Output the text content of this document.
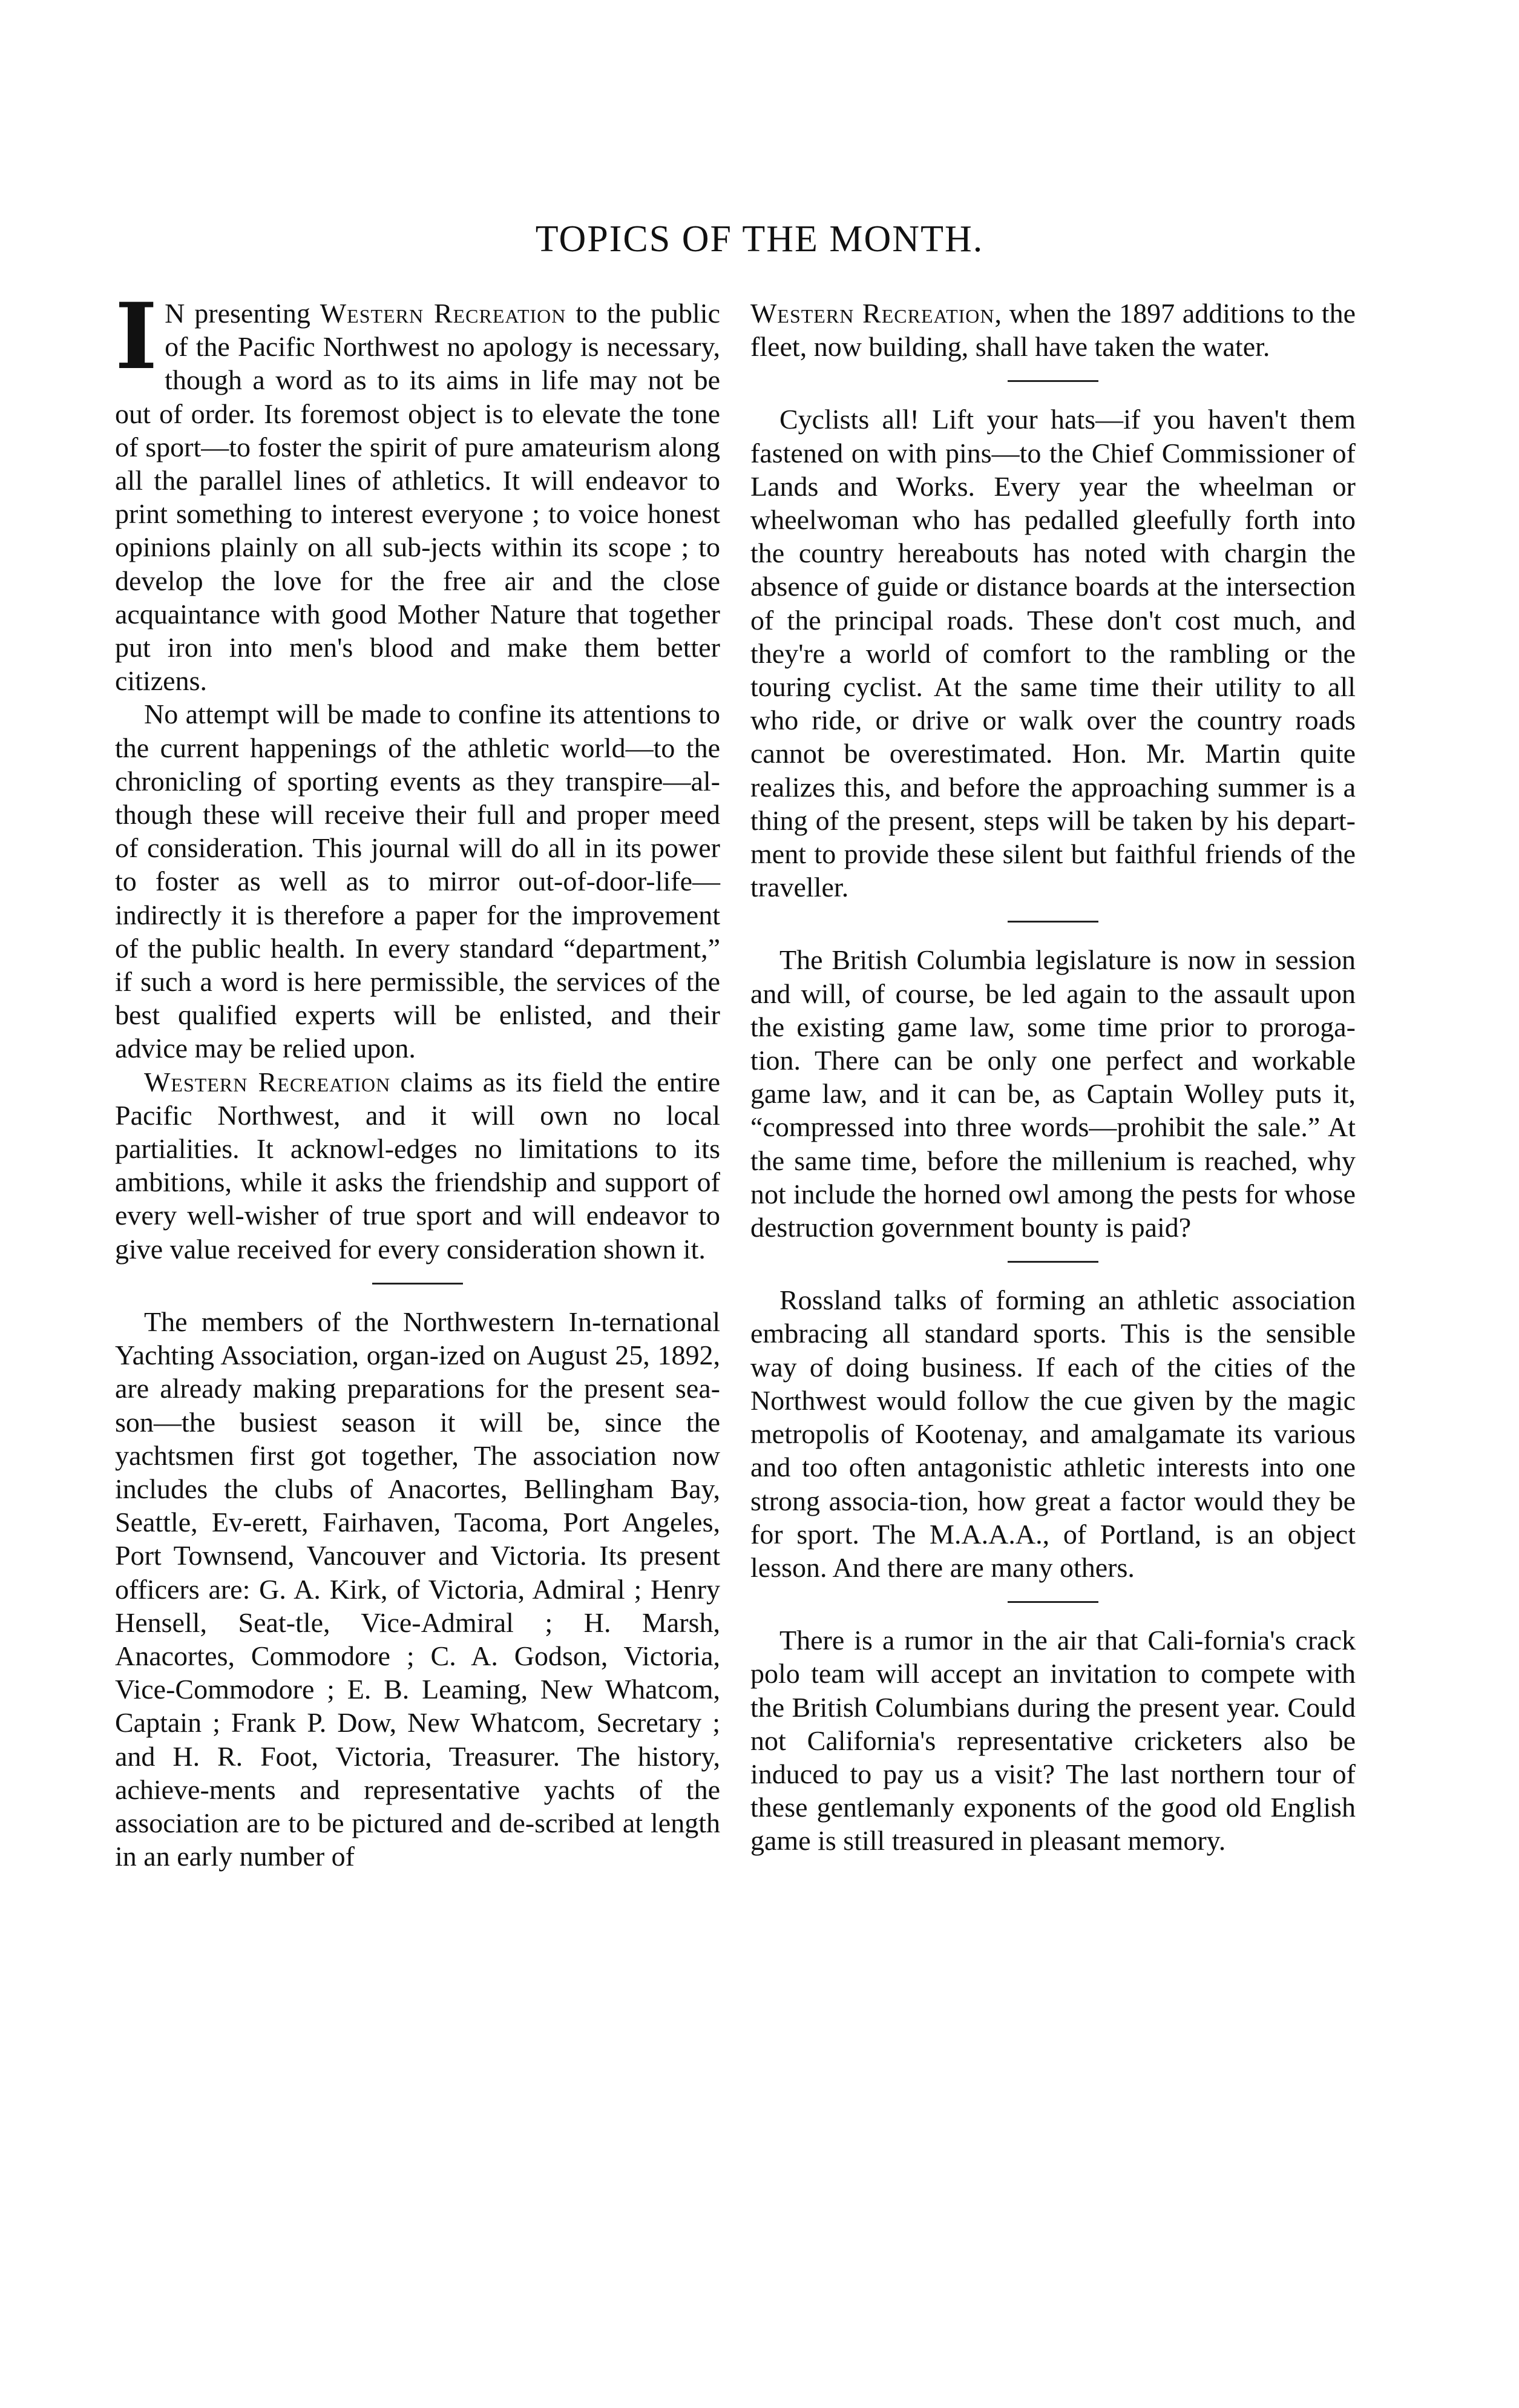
TOPICS OF THE MONTH.

I N presenting Western Recreation to the public of the Pacific Northwest no apology is necessary, though a word as to its aims in life may not be out of order. Its foremost object is to elevate the tone of sport—to foster the spirit of pure amateurism along all the parallel lines of athletics. It will endeavor to print something to interest everyone ; to voice honest opinions plainly on all sub-jects within its scope ; to develop the love for the free air and the close acquaintance with good Mother Nature that together put iron into men's blood and make them better citizens.

No attempt will be made to confine its attentions to the current happenings of the athletic world—to the chronicling of sporting events as they transpire—al-though these will receive their full and proper meed of consideration. This journal will do all in its power to foster as well as to mirror out-of-door-life—indirectly it is therefore a paper for the improvement of the public health. In every standard “department,” if such a word is here permissible, the services of the best qualified experts will be enlisted, and their advice may be relied upon.

Western Recreation claims as its field the entire Pacific Northwest, and it will own no local partialities. It acknowl-edges no limitations to its ambitions, while it asks the friendship and support of every well-wisher of true sport and will endeavor to give value received for every consideration shown it.

The members of the Northwestern In-ternational Yachting Association, organ-ized on August 25, 1892, are already making preparations for the present sea-son—the busiest season it will be, since the yachtsmen first got together, The association now includes the clubs of Anacortes, Bellingham Bay, Seattle, Ev-erett, Fairhaven, Tacoma, Port Angeles, Port Townsend, Vancouver and Victoria. Its present officers are: G. A. Kirk, of Victoria, Admiral ; Henry Hensell, Seat-tle, Vice-Admiral ; H. Marsh, Anacortes, Commodore ; C. A. Godson, Victoria, Vice-Commodore ; E. B. Leaming, New Whatcom, Captain ; Frank P. Dow, New Whatcom, Secretary ; and H. R. Foot, Victoria, Treasurer. The history, achieve-ments and representative yachts of the association are to be pictured and de-scribed at length in an early number of

Western Recreation, when the 1897 additions to the fleet, now building, shall have taken the water.

Cyclists all! Lift your hats—if you haven't them fastened on with pins—to the Chief Commissioner of Lands and Works. Every year the wheelman or wheelwoman who has pedalled gleefully forth into the country hereabouts has noted with chargin the absence of guide or distance boards at the intersection of the principal roads. These don't cost much, and they're a world of comfort to the rambling or the touring cyclist. At the same time their utility to all who ride, or drive or walk over the country roads cannot be overestimated. Hon. Mr. Martin quite realizes this, and before the approaching summer is a thing of the present, steps will be taken by his depart-ment to provide these silent but faithful friends of the traveller.

The British Columbia legislature is now in session and will, of course, be led again to the assault upon the existing game law, some time prior to proroga-tion. There can be only one perfect and workable game law, and it can be, as Captain Wolley puts it, “compressed into three words—prohibit the sale.” At the same time, before the millenium is reached, why not include the horned owl among the pests for whose destruction government bounty is paid?

Rossland talks of forming an athletic association embracing all standard sports. This is the sensible way of doing business. If each of the cities of the Northwest would follow the cue given by the magic metropolis of Kootenay, and amalgamate its various and too often antagonistic athletic interests into one strong associa-tion, how great a factor would they be for sport. The M.A.A.A., of Portland, is an object lesson. And there are many others.

There is a rumor in the air that Cali-fornia's crack polo team will accept an invitation to compete with the British Columbians during the present year. Could not California's representative cricketers also be induced to pay us a visit? The last northern tour of these gentlemanly exponents of the good old English game is still treasured in pleasant memory.
